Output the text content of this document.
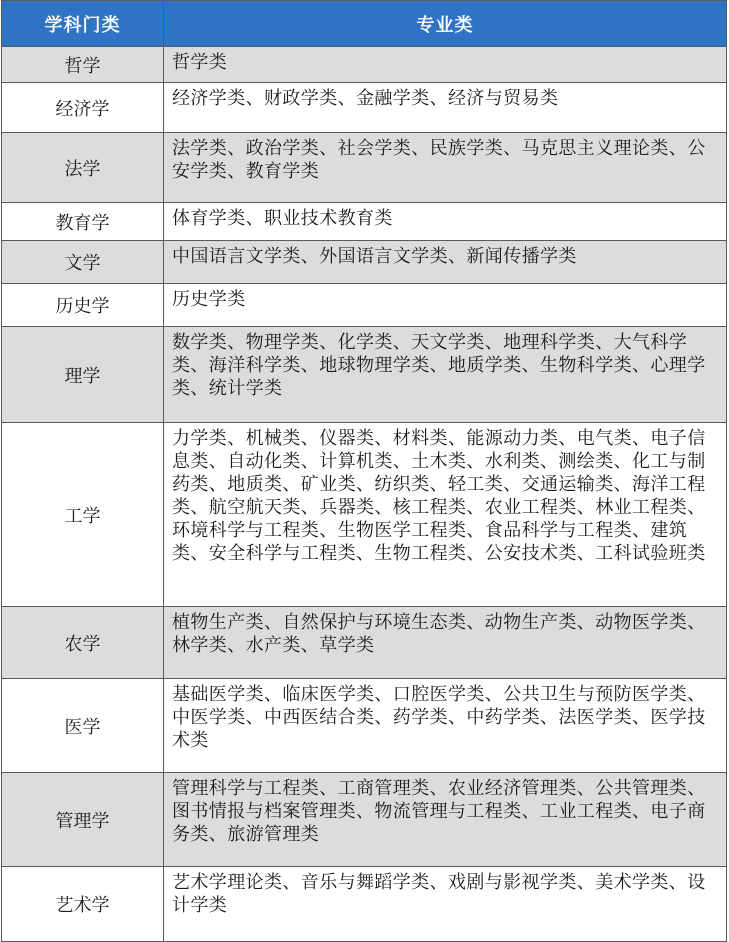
学科门类	专业类
哲学	哲学类
经济学	经济学类、财政学类、金融学类、经济与贸易类
法学	法学类、政治学类、社会学类、民族学类、马克思主义理论类、公安学类、教育学类
教育学	体育学类、职业技术教育类
文学	中国语言文学类、外国语言文学类、新闻传播学类
历史学	历史学类
理学	数学类、物理学类、化学类、天文学类、地理科学类、大气科学类、海洋科学类、地球物理学类、地质学类、生物科学类、心理学类、统计学类
工学	力学类、机械类、仪器类、材料类、能源动力类、电气类、电子信息类、自动化类、计算机类、土木类、水利类、测绘类、化工与制药类、地质类、矿业类、纺织类、轻工类、交通运输类、海洋工程类、航空航天类、兵器类、核工程类、农业工程类、林业工程类、环境科学与工程类、生物医学工程类、食品科学与工程类、建筑类、安全科学与工程类、生物工程类、公安技术类、工科试验班类
农学	植物生产类、自然保护与环境生态类、动物生产类、动物医学类、林学类、水产类、草学类
医学	基础医学类、临床医学类、口腔医学类、公共卫生与预防医学类、中医学类、中西医结合类、药学类、中药学类、法医学类、医学技术类
管理学	管理科学与工程类、工商管理类、农业经济管理类、公共管理类、图书情报与档案管理类、物流管理与工程类、工业工程类、电子商务类、旅游管理类
艺术学	艺术学理论类、音乐与舞蹈学类、戏剧与影视学类、美术学类、设计学类
